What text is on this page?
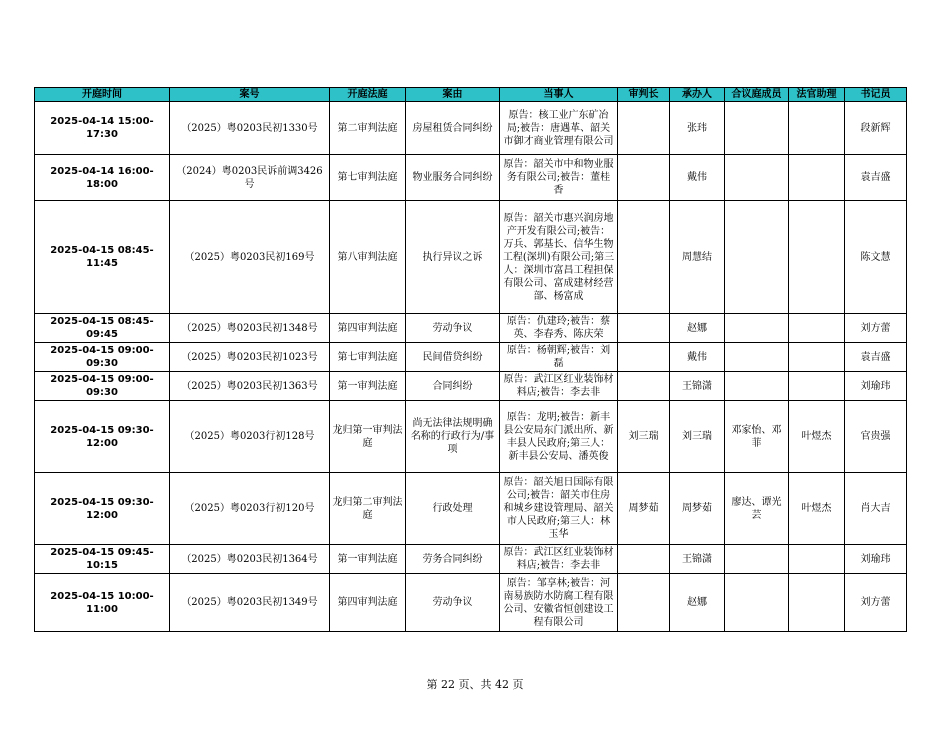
开庭时间	案号	开庭法庭	案由	当事人	审判长	承办人	合议庭成员	法官助理	书记员
2025-04-14 15:00-17:30	（2025）粤0203民初1330号	第二审判法庭	房屋租赁合同纠纷	原告：核工业广东矿冶局;被告：唐遇革、韶关市御才商业管理有限公司		张玮			段新辉
2025-04-14 16:00-18:00	（2024）粤0203民诉前调3426号	第七审判法庭	物业服务合同纠纷	原告：韶关市中和物业服务有限公司;被告：董桂香		戴伟			袁吉盛
2025-04-15 08:45-11:45	（2025）粤0203民初169号	第八审判法庭	执行异议之诉	原告：韶关市惠兴润房地产开发有限公司;被告：万兵、郭基长、信华生物工程(深圳)有限公司;第三人：深圳市富昌工程担保有限公司、富成建材经营部、杨富成		周慧结			陈文慧
2025-04-15 08:45-09:45	（2025）粤0203民初1348号	第四审判法庭	劳动争议	原告：仇建玲;被告：蔡英、李春秀、陈庆荣		赵娜			刘方蕾
2025-04-15 09:00-09:30	（2025）粤0203民初1023号	第七审判法庭	民间借贷纠纷	原告：杨朝辉;被告：刘磊		戴伟			袁吉盛
2025-04-15 09:00-09:30	（2025）粤0203民初1363号	第一审判法庭	合同纠纷	原告：武江区红业装饰材料店;被告：李去非		王锦潇			刘瑜玮
2025-04-15 09:30-12:00	（2025）粤0203行初128号	龙归第一审判法庭	尚无法律法规明确名称的行政行为/事项	原告：龙明;被告：新丰县公安局东门派出所、新丰县人民政府;第三人：新丰县公安局、潘英俊	刘三瑞	刘三瑞	邓家怡、邓菲	叶煜杰	官贵强
2025-04-15 09:30-12:00	（2025）粤0203行初120号	龙归第二审判法庭	行政处理	原告：韶关旭日国际有限公司;被告：韶关市住房和城乡建设管理局、韶关市人民政府;第三人：林玉华	周梦茹	周梦茹	廖达、谭光芸	叶煜杰	肖大吉
2025-04-15 09:45-10:15	（2025）粤0203民初1364号	第一审判法庭	劳务合同纠纷	原告：武江区红业装饰材料店;被告：李去非		王锦潇			刘瑜玮
2025-04-15 10:00-11:00	（2025）粤0203民初1349号	第四审判法庭	劳动争议	原告：邹享林;被告：河南易族防水防腐工程有限公司、安徽省恒创建设工程有限公司		赵娜			刘方蕾
第 22 页、共 42 页
